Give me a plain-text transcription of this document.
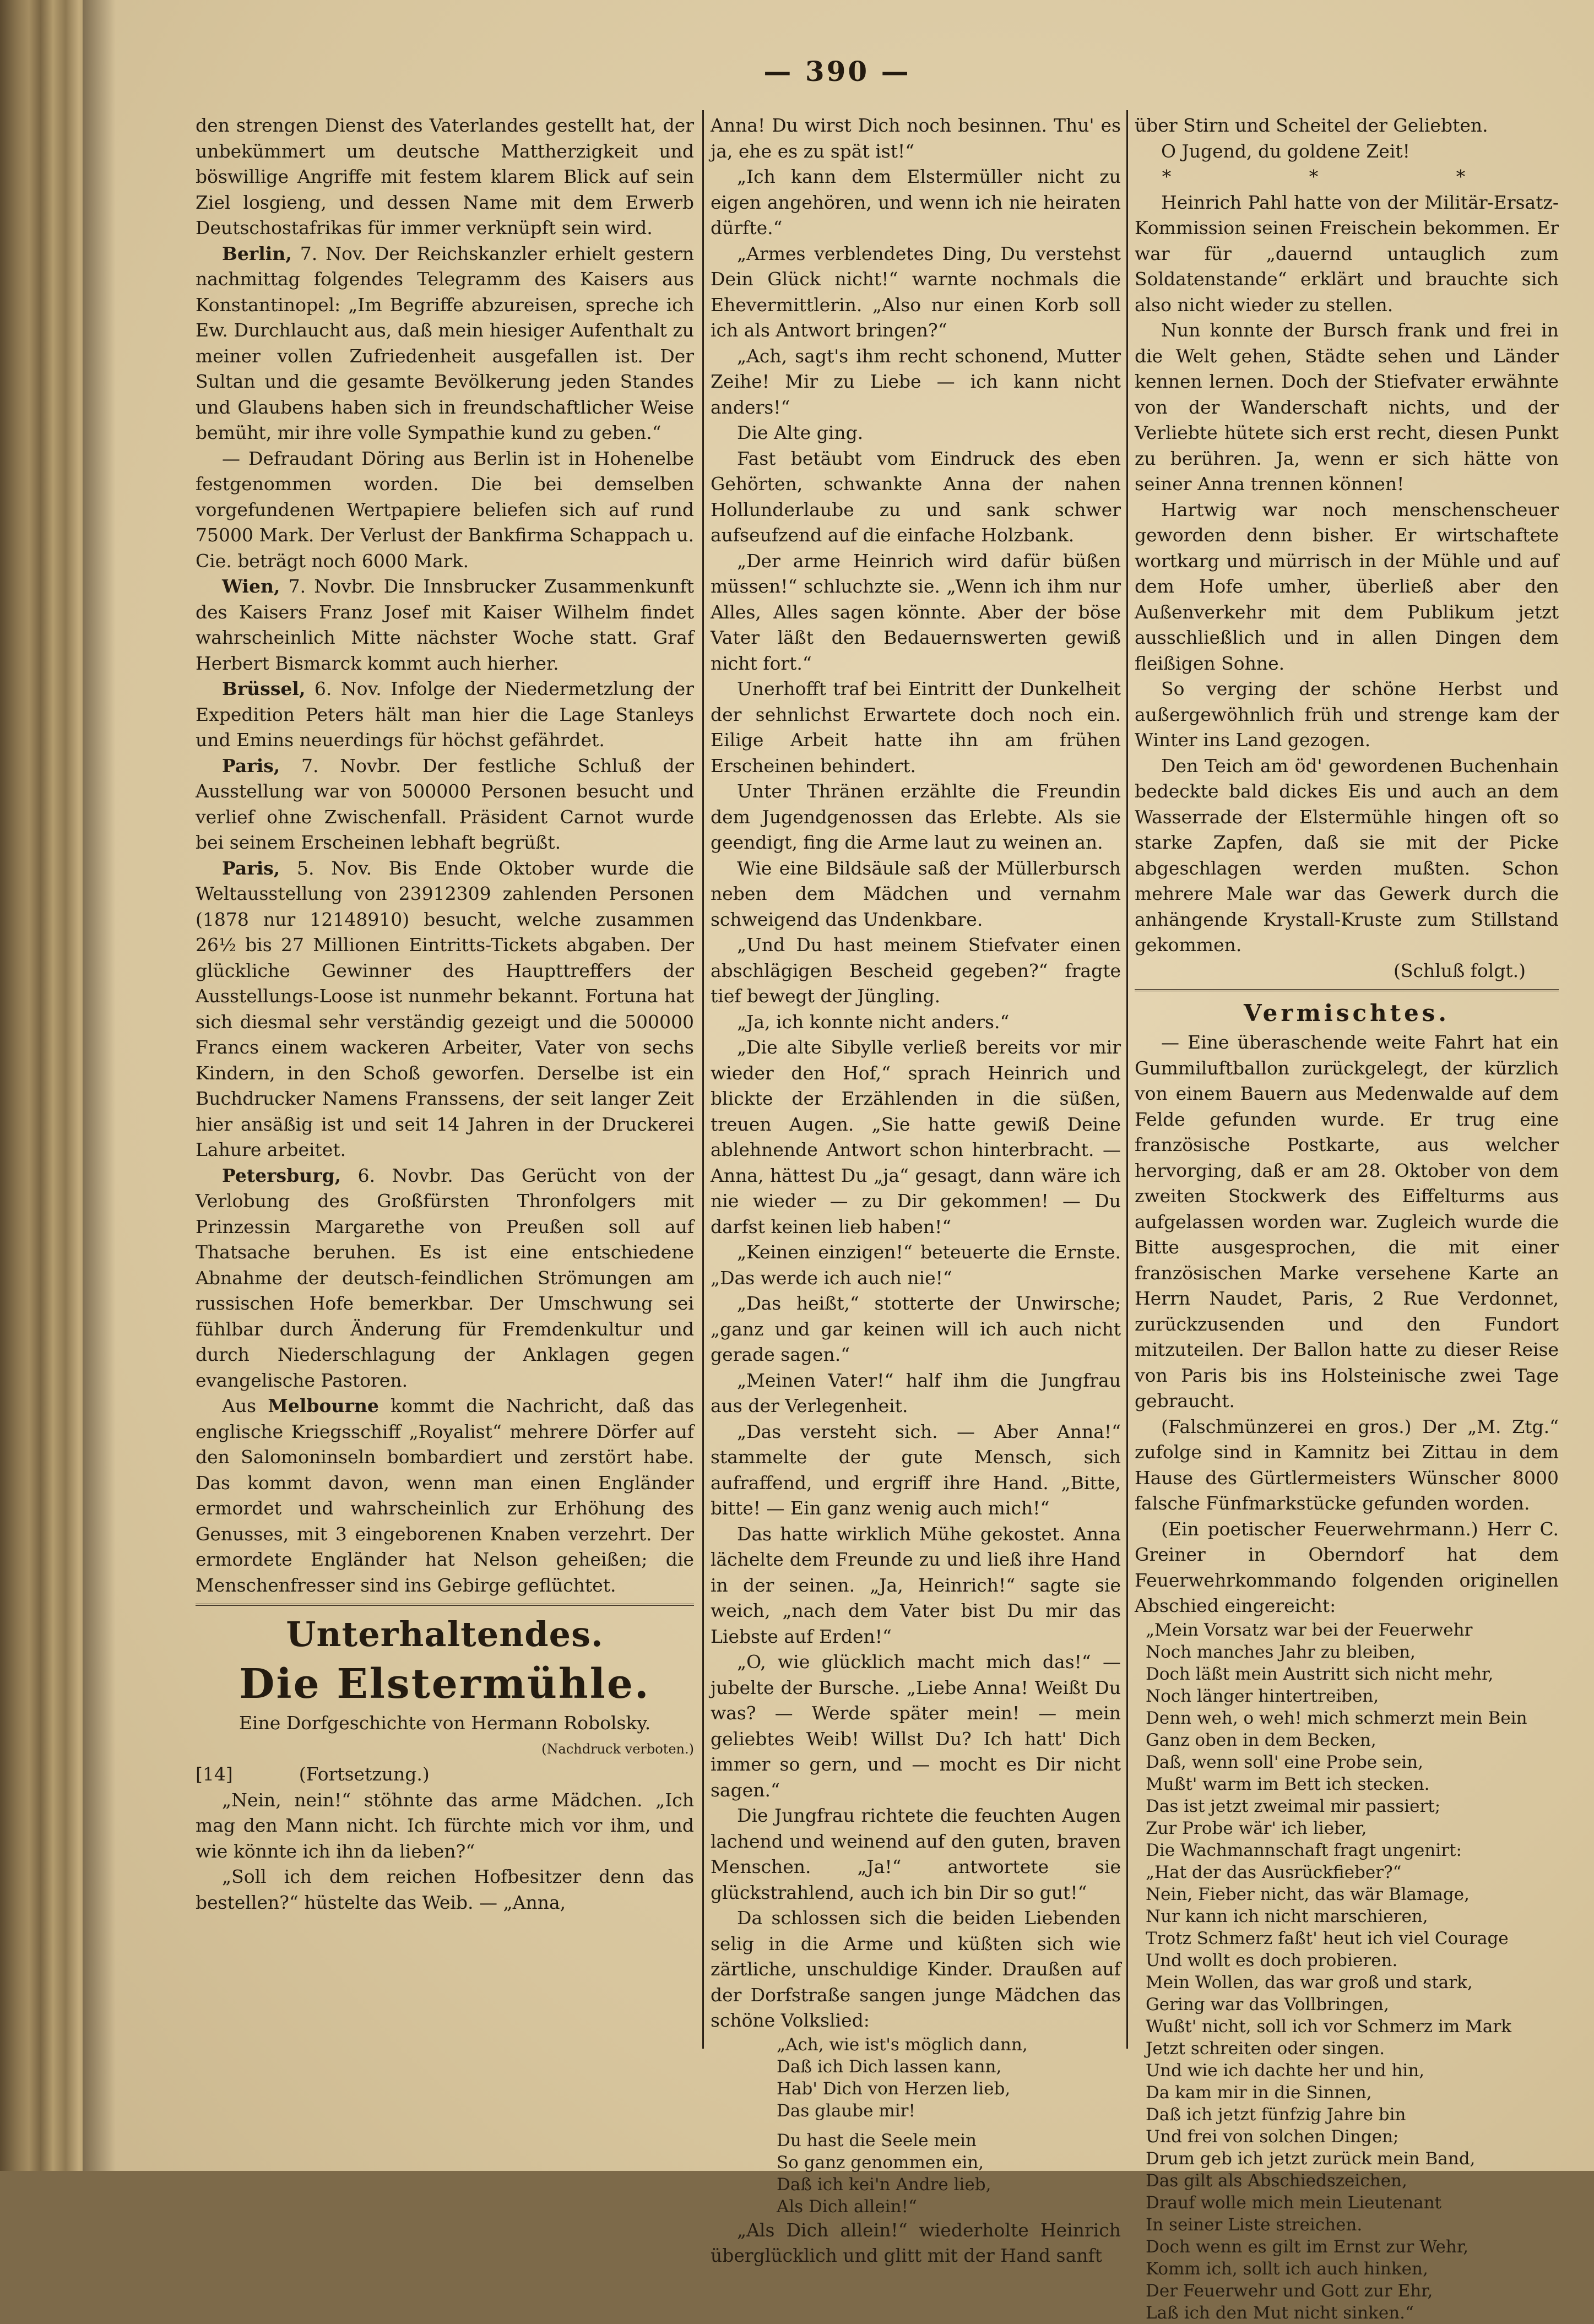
— 390 —

den strengen Dienst des Vaterlandes gestellt hat, der unbekümmert um deutsche Mattherzigkeit und böswillige Angriffe mit festem klarem Blick auf sein Ziel losgieng, und dessen Name mit dem Erwerb Deutschostafrikas für immer verknüpft sein wird.

Berlin, 7. Nov. Der Reichskanzler erhielt gestern nachmittag folgendes Telegramm des Kaisers aus Konstantinopel: „Im Begriffe abzureisen, spreche ich Ew. Durchlaucht aus, daß mein hiesiger Aufenthalt zu meiner vollen Zufriedenheit ausgefallen ist. Der Sultan und die gesamte Bevölkerung jeden Standes und Glaubens haben sich in freundschaftlicher Weise bemüht, mir ihre volle Sympathie kund zu geben.“

— Defraudant Döring aus Berlin ist in Hohenelbe festgenommen worden. Die bei demselben vorgefundenen Wertpapiere beliefen sich auf rund 75000 Mark. Der Verlust der Bankfirma Schappach u. Cie. beträgt noch 6000 Mark.

Wien, 7. Novbr. Die Innsbrucker Zusammenkunft des Kaisers Franz Josef mit Kaiser Wilhelm findet wahrscheinlich Mitte nächster Woche statt. Graf Herbert Bismarck kommt auch hierher.

Brüssel, 6. Nov. Infolge der Niedermetzlung der Expedition Peters hält man hier die Lage Stanleys und Emins neuerdings für höchst gefährdet.

Paris, 7. Novbr. Der festliche Schluß der Ausstellung war von 500000 Personen besucht und verlief ohne Zwischenfall. Präsident Carnot wurde bei seinem Erscheinen lebhaft begrüßt.

Paris, 5. Nov. Bis Ende Oktober wurde die Weltausstellung von 23912309 zahlenden Personen (1878 nur 12148910) besucht, welche zusammen 26½ bis 27 Millionen Eintritts-Tickets abgaben. Der glückliche Gewinner des Haupttreffers der Ausstellungs-Loose ist nunmehr bekannt. Fortuna hat sich diesmal sehr verständig gezeigt und die 500000 Francs einem wackeren Arbeiter, Vater von sechs Kindern, in den Schoß geworfen. Derselbe ist ein Buchdrucker Namens Franssens, der seit langer Zeit hier ansäßig ist und seit 14 Jahren in der Druckerei Lahure arbeitet.

Petersburg, 6. Novbr. Das Gerücht von der Verlobung des Großfürsten Thronfolgers mit Prinzessin Margarethe von Preußen soll auf Thatsache beruhen. Es ist eine entschiedene Abnahme der deutsch-feindlichen Strömungen am russischen Hofe bemerkbar. Der Umschwung sei fühlbar durch Änderung für Fremdenkultur und durch Niederschlagung der Anklagen gegen evangelische Pastoren.

Aus Melbourne kommt die Nachricht, daß das englische Kriegsschiff „Royalist“ mehrere Dörfer auf den Salomoninseln bombardiert und zerstört habe. Das kommt davon, wenn man einen Engländer ermordet und wahrscheinlich zur Erhöhung des Genusses, mit 3 eingeborenen Knaben verzehrt. Der ermordete Engländer hat Nelson geheißen; die Menschenfresser sind ins Gebirge geflüchtet.

Unterhaltendes.
Die Elstermühle.
Eine Dorfgeschichte von Hermann Robolsky.
(Nachdruck verboten.)
[14]	(Fortsetzung.)

„Nein, nein!“ stöhnte das arme Mädchen. „Ich mag den Mann nicht. Ich fürchte mich vor ihm, und wie könnte ich ihn da lieben?“

„Soll ich dem reichen Hofbesitzer denn das bestellen?“ hüstelte das Weib. — „Anna,

Anna! Du wirst Dich noch besinnen. Thu' es ja, ehe es zu spät ist!“

„Ich kann dem Elstermüller nicht zu eigen angehören, und wenn ich nie heiraten dürfte.“

„Armes verblendetes Ding, Du verstehst Dein Glück nicht!“ warnte nochmals die Ehevermittlerin. „Also nur einen Korb soll ich als Antwort bringen?“

„Ach, sagt's ihm recht schonend, Mutter Zeihe! Mir zu Liebe — ich kann nicht anders!“

Die Alte ging.

Fast betäubt vom Eindruck des eben Gehörten, schwankte Anna der nahen Hollunderlaube zu und sank schwer aufseufzend auf die einfache Holzbank.

„Der arme Heinrich wird dafür büßen müssen!“ schluchzte sie. „Wenn ich ihm nur Alles, Alles sagen könnte. Aber der böse Vater läßt den Bedauernswerten gewiß nicht fort.“

Unerhofft traf bei Eintritt der Dunkelheit der sehnlichst Erwartete doch noch ein. Eilige Arbeit hatte ihn am frühen Erscheinen behindert.

Unter Thränen erzählte die Freundin dem Jugendgenossen das Erlebte. Als sie geendigt, fing die Arme laut zu weinen an.

Wie eine Bildsäule saß der Müllerbursch neben dem Mädchen und vernahm schweigend das Undenkbare.

„Und Du hast meinem Stiefvater einen abschlägigen Bescheid gegeben?“ fragte tief bewegt der Jüngling.

„Ja, ich konnte nicht anders.“

„Die alte Sibylle verließ bereits vor mir wieder den Hof,“ sprach Heinrich und blickte der Erzählenden in die süßen, treuen Augen. „Sie hatte gewiß Deine ablehnende Antwort schon hinterbracht. — Anna, hättest Du „ja“ gesagt, dann wäre ich nie wieder — zu Dir gekommen! — Du darfst keinen lieb haben!“

„Keinen einzigen!“ beteuerte die Ernste. „Das werde ich auch nie!“

„Das heißt,“ stotterte der Unwirsche; „ganz und gar keinen will ich auch nicht gerade sagen.“

„Meinen Vater!“ half ihm die Jungfrau aus der Verlegenheit.

„Das versteht sich. — Aber Anna!“ stammelte der gute Mensch, sich aufraffend, und ergriff ihre Hand. „Bitte, bitte! — Ein ganz wenig auch mich!“

Das hatte wirklich Mühe gekostet. Anna lächelte dem Freunde zu und ließ ihre Hand in der seinen. „Ja, Heinrich!“ sagte sie weich, „nach dem Vater bist Du mir das Liebste auf Erden!“

„O, wie glücklich macht mich das!“ — jubelte der Bursche. „Liebe Anna! Weißt Du was? — Werde später mein! — mein geliebtes Weib! Willst Du? Ich hatt' Dich immer so gern, und — mocht es Dir nicht sagen.“

Die Jungfrau richtete die feuchten Augen lachend und weinend auf den guten, braven Menschen. „Ja!“ antwortete sie glückstrahlend, auch ich bin Dir so gut!“

Da schlossen sich die beiden Liebenden selig in die Arme und küßten sich wie zärtliche, unschuldige Kinder. Draußen auf der Dorfstraße sangen junge Mädchen das schöne Volkslied:

„Ach, wie ist's möglich dann,
Daß ich Dich lassen kann,
Hab' Dich von Herzen lieb,
Das glaube mir!
Du hast die Seele mein
So ganz genommen ein,
Daß ich kei'n Andre lieb,
Als Dich allein!“

„Als Dich allein!“ wiederholte Heinrich überglücklich und glitt mit der Hand sanft

über Stirn und Scheitel der Geliebten.

O Jugend, du goldene Zeit!

* * *

Heinrich Pahl hatte von der Militär-Ersatz-Kommission seinen Freischein bekommen. Er war für „dauernd untauglich zum Soldatenstande“ erklärt und brauchte sich also nicht wieder zu stellen.

Nun konnte der Bursch frank und frei in die Welt gehen, Städte sehen und Länder kennen lernen. Doch der Stiefvater erwähnte von der Wanderschaft nichts, und der Verliebte hütete sich erst recht, diesen Punkt zu berühren. Ja, wenn er sich hätte von seiner Anna trennen können!

Hartwig war noch menschenscheuer geworden denn bisher. Er wirtschaftete wortkarg und mürrisch in der Mühle und auf dem Hofe umher, überließ aber den Außenverkehr mit dem Publikum jetzt ausschließlich und in allen Dingen dem fleißigen Sohne.

So verging der schöne Herbst und außergewöhnlich früh und strenge kam der Winter ins Land gezogen.

Den Teich am öd' gewordenen Buchenhain bedeckte bald dickes Eis und auch an dem Wasserrade der Elstermühle hingen oft so starke Zapfen, daß sie mit der Picke abgeschlagen werden mußten. Schon mehrere Male war das Gewerk durch die anhängende Krystall-Kruste zum Stillstand gekommen.

(Schluß folgt.)
Vermischtes.

— Eine überaschende weite Fahrt hat ein Gummiluftballon zurückgelegt, der kürzlich von einem Bauern aus Medenwalde auf dem Felde gefunden wurde. Er trug eine französische Postkarte, aus welcher hervorging, daß er am 28. Oktober von dem zweiten Stockwerk des Eiffelturms aus aufgelassen worden war. Zugleich wurde die Bitte ausgesprochen, die mit einer französischen Marke versehene Karte an Herrn Naudet, Paris, 2 Rue Verdonnet, zurückzusenden und den Fundort mitzuteilen. Der Ballon hatte zu dieser Reise von Paris bis ins Holsteinische zwei Tage gebraucht.

(Falschmünzerei en gros.) Der „M. Ztg.“ zufolge sind in Kamnitz bei Zittau in dem Hause des Gürtlermeisters Wünscher 8000 falsche Fünfmarkstücke gefunden worden.

(Ein poetischer Feuerwehrmann.) Herr C. Greiner in Oberndorf hat dem Feuerwehrkommando folgenden originellen Abschied eingereicht:

„Mein Vorsatz war bei der Feuerwehr
Noch manches Jahr zu bleiben,
Doch läßt mein Austritt sich nicht mehr,
Noch länger hintertreiben,
Denn weh, o weh! mich schmerzt mein Bein
Ganz oben in dem Becken,
Daß, wenn soll' eine Probe sein,
Mußt' warm im Bett ich stecken.
Das ist jetzt zweimal mir passiert;
Zur Probe wär' ich lieber,
Die Wachmannschaft fragt ungenirt:
„Hat der das Ausrückfieber?“
Nein, Fieber nicht, das wär Blamage,
Nur kann ich nicht marschieren,
Trotz Schmerz faßt' heut ich viel Courage
Und wollt es doch probieren.
Mein Wollen, das war groß und stark,
Gering war das Vollbringen,
Wußt' nicht, soll ich vor Schmerz im Mark
Jetzt schreiten oder singen.
Und wie ich dachte her und hin,
Da kam mir in die Sinnen,
Daß ich jetzt fünfzig Jahre bin
Und frei von solchen Dingen;
Drum geb ich jetzt zurück mein Band,
Das gilt als Abschiedszeichen,
Drauf wolle mich mein Lieutenant
In seiner Liste streichen.
Doch wenn es gilt im Ernst zur Wehr,
Komm ich, sollt ich auch hinken,
Der Feuerwehr und Gott zur Ehr,
Laß ich den Mut nicht sinken.“
